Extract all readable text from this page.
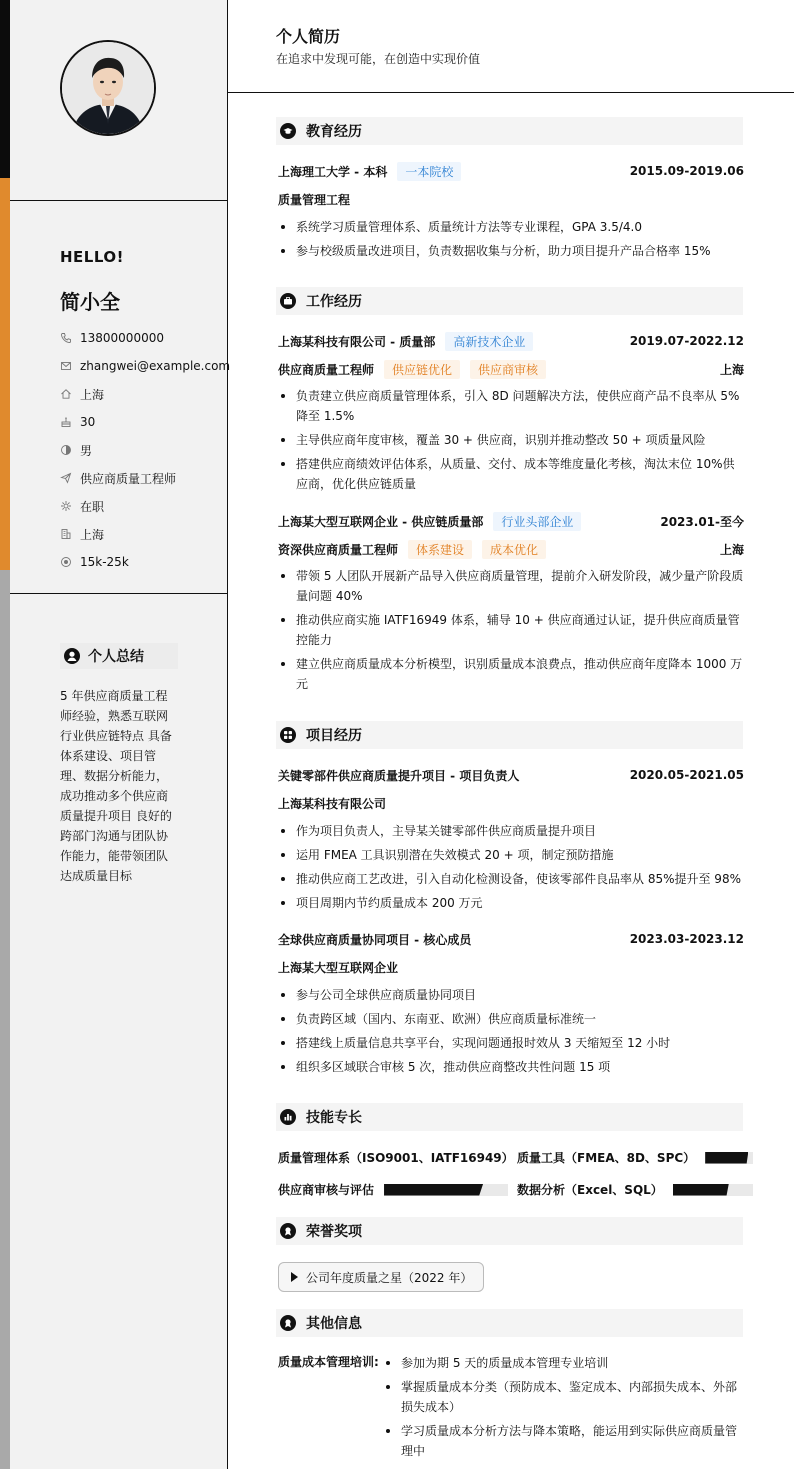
HELLO!
简小全
13800000000
zhangwei@example.com
上海
30
男
供应商质量工程师
在职
上海
15k-25k
个人总结
5 年供应商质量工程师经验，熟悉互联网行业供应链特点 具备体系建设、项目管理、数据分析能力，成功推动多个供应商质量提升项目 良好的跨部门沟通与团队协作能力，能带领团队达成质量目标
个人简历
在追求中发现可能，在创造中实现价值
教育经历
上海理工大学 - 本科	一本院校	2015.09-2019.06
质量管理工程
系统学习质量管理体系、质量统计方法等专业课程，GPA 3.5/4.0
参与校级质量改进项目，负责数据收集与分析，助力项目提升产品合格率 15%
工作经历
上海某科技有限公司 - 质量部	高新技术企业	2019.07-2022.12
供应商质量工程师	供应链优化	供应商审核	上海
负责建立供应商质量管理体系，引入 8D 问题解决方法，使供应商产品不良率从 5% 降至 1.5%
主导供应商年度审核，覆盖 30 + 供应商，识别并推动整改 50 + 项质量风险
搭建供应商绩效评估体系，从质量、交付、成本等维度量化考核，淘汰末位 10%供应商，优化供应链质量
上海某大型互联网企业 - 供应链质量部	行业头部企业	2023.01-至今
资深供应商质量工程师	体系建设	成本优化	上海
带领 5 人团队开展新产品导入供应商质量管理，提前介入研发阶段，减少量产阶段质量问题 40%
推动供应商实施 IATF16949 体系，辅导 10 + 供应商通过认证，提升供应商质量管控能力
建立供应商质量成本分析模型，识别质量成本浪费点，推动供应商年度降本 1000 万元
项目经历
关键零部件供应商质量提升项目 - 项目负责人	2020.05-2021.05
上海某科技有限公司
作为项目负责人，主导某关键零部件供应商质量提升项目
运用 FMEA 工具识别潜在失效模式 20 + 项，制定预防措施
推动供应商工艺改进，引入自动化检测设备，使该零部件良品率从 85%提升至 98%
项目周期内节约质量成本 200 万元
全球供应商质量协同项目 - 核心成员	2023.03-2023.12
上海某大型互联网企业
参与公司全球供应商质量协同项目
负责跨区域（国内、东南亚、欧洲）供应商质量标准统一
搭建线上质量信息共享平台，实现问题通报时效从 3 天缩短至 12 小时
组织多区域联合审核 5 次，推动供应商整改共性问题 15 项
技能专长
质量管理体系（ISO9001、IATF16949） 质量工具（FMEA、8D、SPC）
供应商审核与评估	数据分析（Excel、SQL）
荣誉奖项
公司年度质量之星（2022 年）
其他信息
质量成本管理培训:	参加为期 5 天的质量成本管理专业培训
掌握质量成本分类（预防成本、鉴定成本、内部损失成本、外部损失成本）
学习质量成本分析方法与降本策略，能运用到实际供应商质量管理中
